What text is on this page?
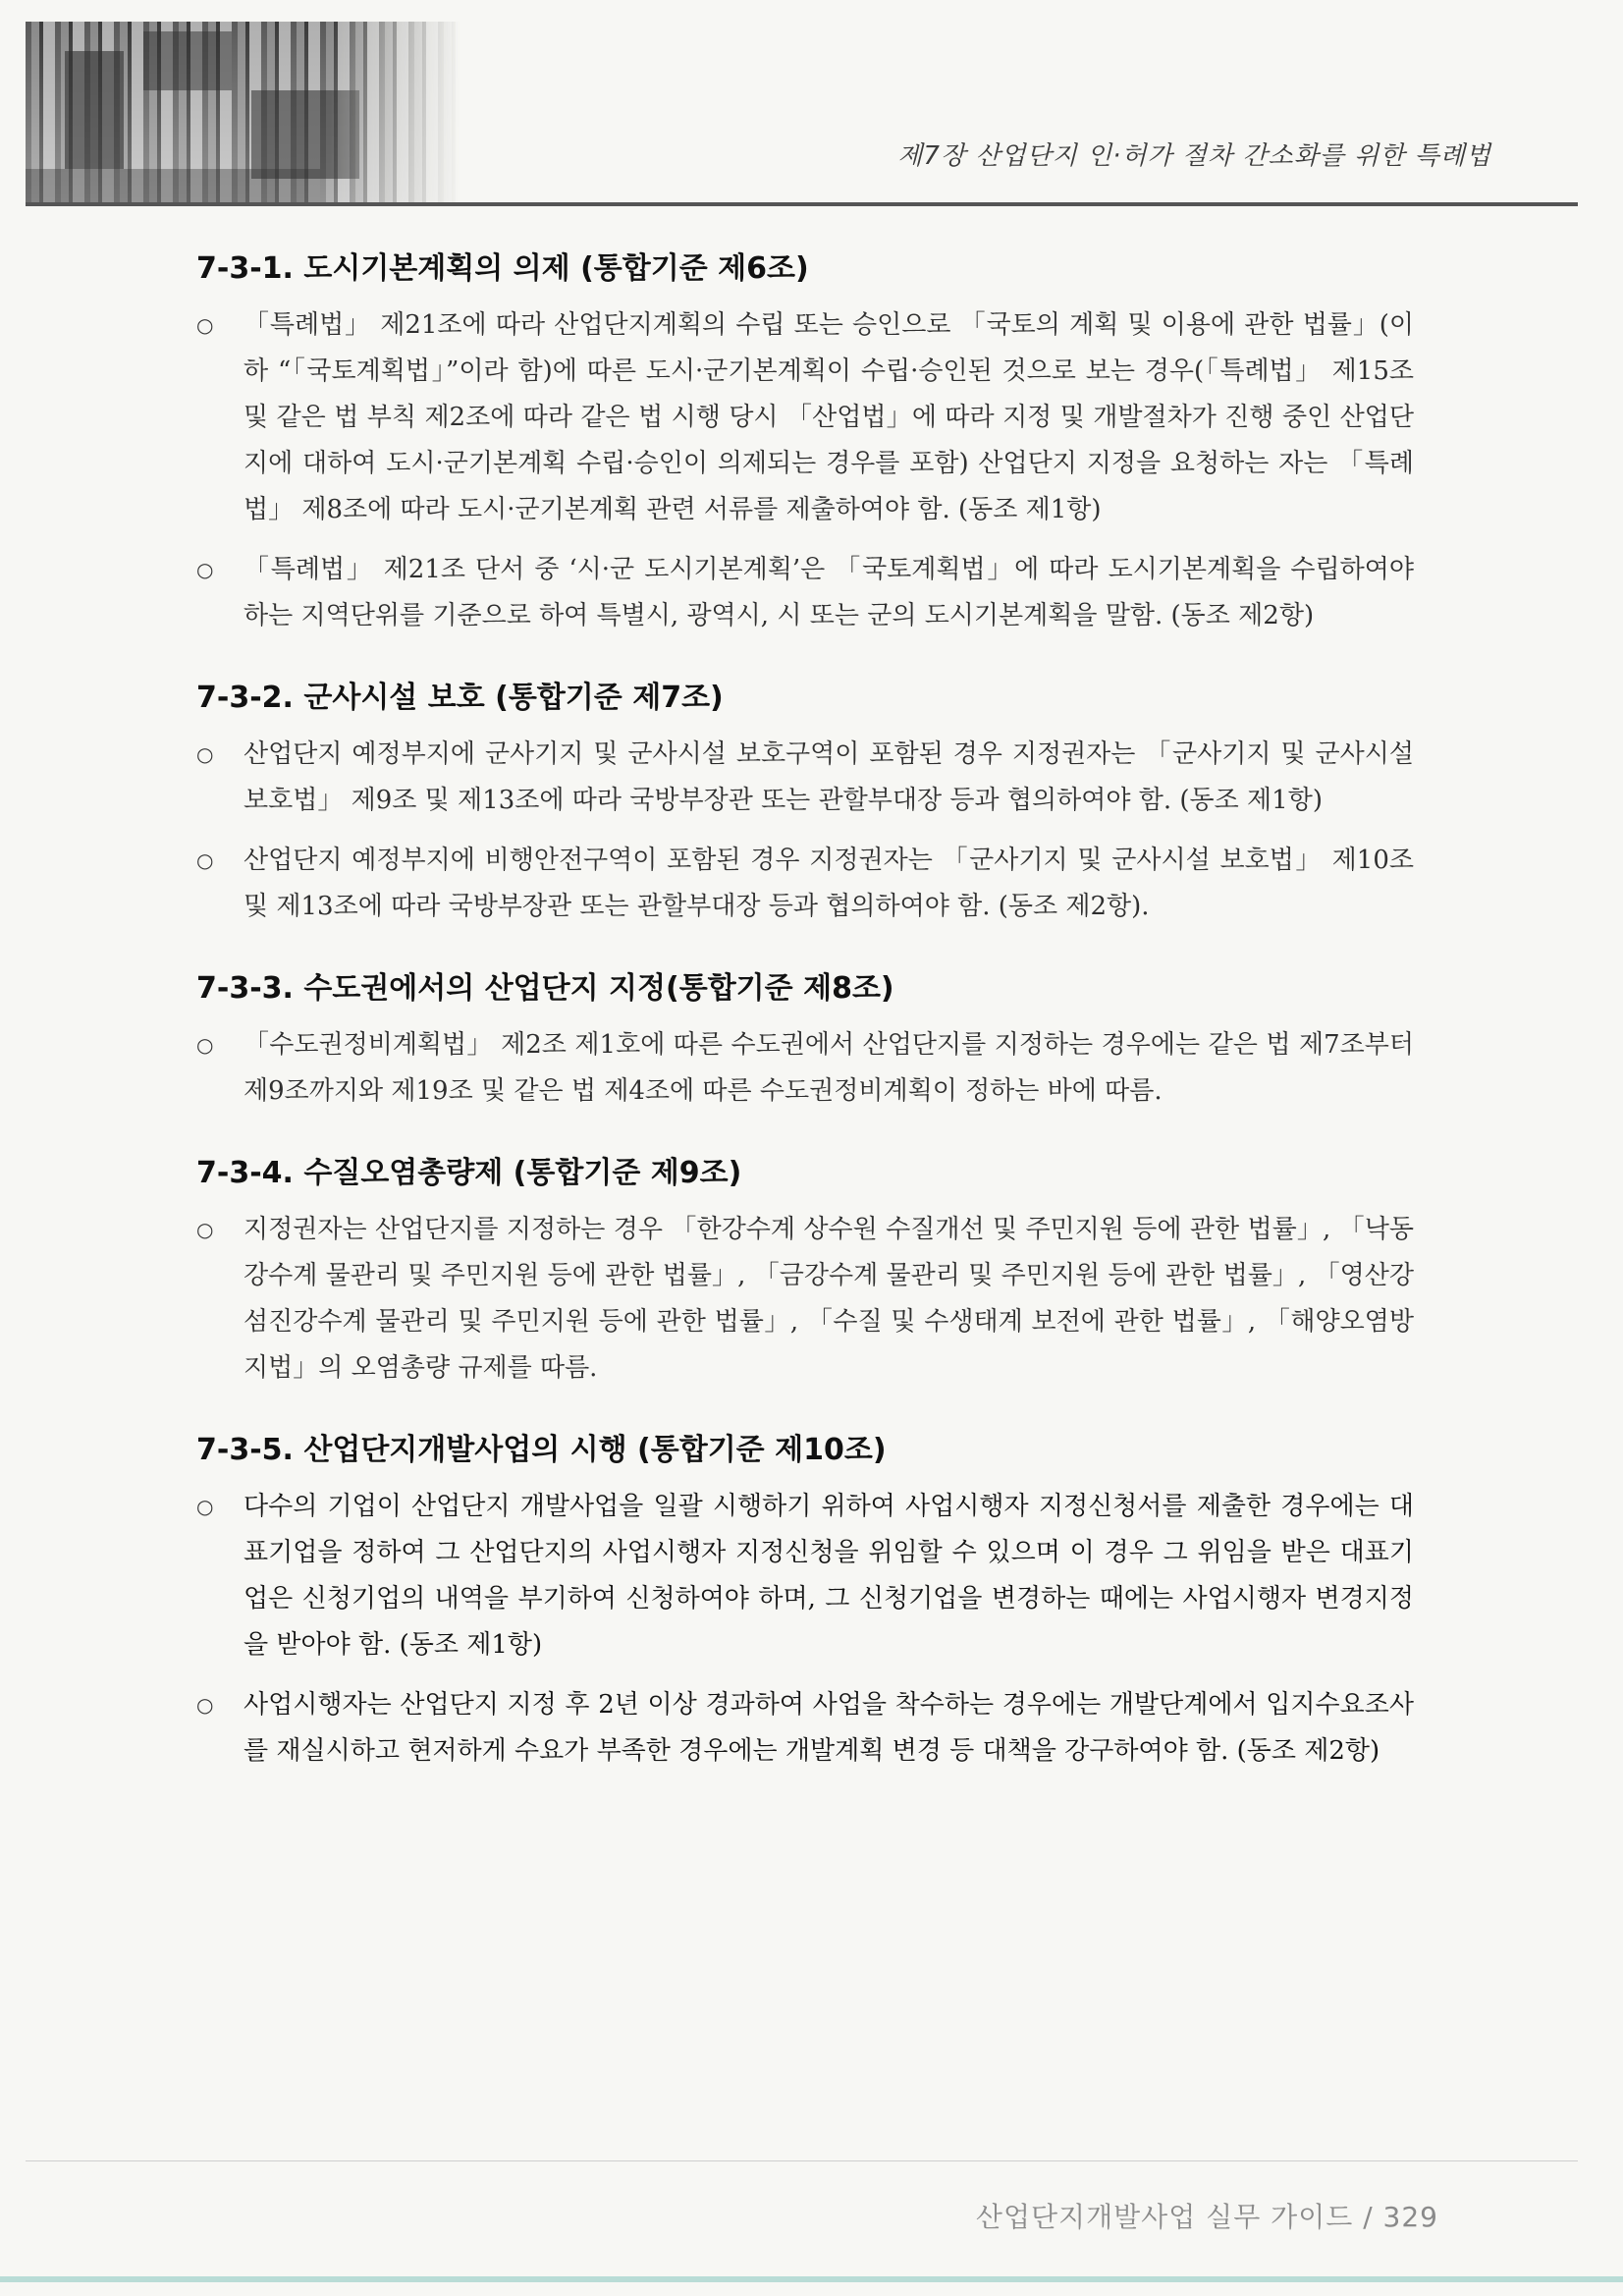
제7장 산업단지 인·허가 절차 간소화를 위한 특례법
7-3-1. 도시기본계획의 의제 (통합기준 제6조)
○ 「특례법」 제21조에 따라 산업단지계획의 수립 또는 승인으로 「국토의 계획 및 이용에 관한 법률」(이하 “「국토계획법」”이라 함)에 따른 도시·군기본계획이 수립·승인된 것으로 보는 경우(「특례법」 제15조 및 같은 법 부칙 제2조에 따라 같은 법 시행 당시 「산업법」에 따라 지정 및 개발절차가 진행 중인 산업단지에 대하여 도시·군기본계획 수립·승인이 의제되는 경우를 포함) 산업단지 지정을 요청하는 자는 「특례법」 제8조에 따라 도시·군기본계획 관련 서류를 제출하여야 함. (동조 제1항)
○ 「특례법」 제21조 단서 중 ‘시·군 도시기본계획’은 「국토계획법」에 따라 도시기본계획을 수립하여야 하는 지역단위를 기준으로 하여 특별시, 광역시, 시 또는 군의 도시기본계획을 말함. (동조 제2항)
7-3-2. 군사시설 보호 (통합기준 제7조)
○ 산업단지 예정부지에 군사기지 및 군사시설 보호구역이 포함된 경우 지정권자는 「군사기지 및 군사시설 보호법」 제9조 및 제13조에 따라 국방부장관 또는 관할부대장 등과 협의하여야 함. (동조 제1항)
○ 산업단지 예정부지에 비행안전구역이 포함된 경우 지정권자는 「군사기지 및 군사시설 보호법」 제10조 및 제13조에 따라 국방부장관 또는 관할부대장 등과 협의하여야 함. (동조 제2항).
7-3-3. 수도권에서의 산업단지 지정(통합기준 제8조)
○ 「수도권정비계획법」 제2조 제1호에 따른 수도권에서 산업단지를 지정하는 경우에는 같은 법 제7조부터 제9조까지와 제19조 및 같은 법 제4조에 따른 수도권정비계획이 정하는 바에 따름.
7-3-4. 수질오염총량제 (통합기준 제9조)
○ 지정권자는 산업단지를 지정하는 경우 「한강수계 상수원 수질개선 및 주민지원 등에 관한 법률」, 「낙동강수계 물관리 및 주민지원 등에 관한 법률」, 「금강수계 물관리 및 주민지원 등에 관한 법률」, 「영산강섬진강수계 물관리 및 주민지원 등에 관한 법률」, 「수질 및 수생태계 보전에 관한 법률」, 「해양오염방지법」의 오염총량 규제를 따름.
7-3-5. 산업단지개발사업의 시행 (통합기준 제10조)
○ 다수의 기업이 산업단지 개발사업을 일괄 시행하기 위하여 사업시행자 지정신청서를 제출한 경우에는 대표기업을 정하여 그 산업단지의 사업시행자 지정신청을 위임할 수 있으며 이 경우 그 위임을 받은 대표기업은 신청기업의 내역을 부기하여 신청하여야 하며, 그 신청기업을 변경하는 때에는 사업시행자 변경지정을 받아야 함. (동조 제1항)
○ 사업시행자는 산업단지 지정 후 2년 이상 경과하여 사업을 착수하는 경우에는 개발단계에서 입지수요조사를 재실시하고 현저하게 수요가 부족한 경우에는 개발계획 변경 등 대책을 강구하여야 함. (동조 제2항)
산업단지개발사업 실무 가이드 / 329
